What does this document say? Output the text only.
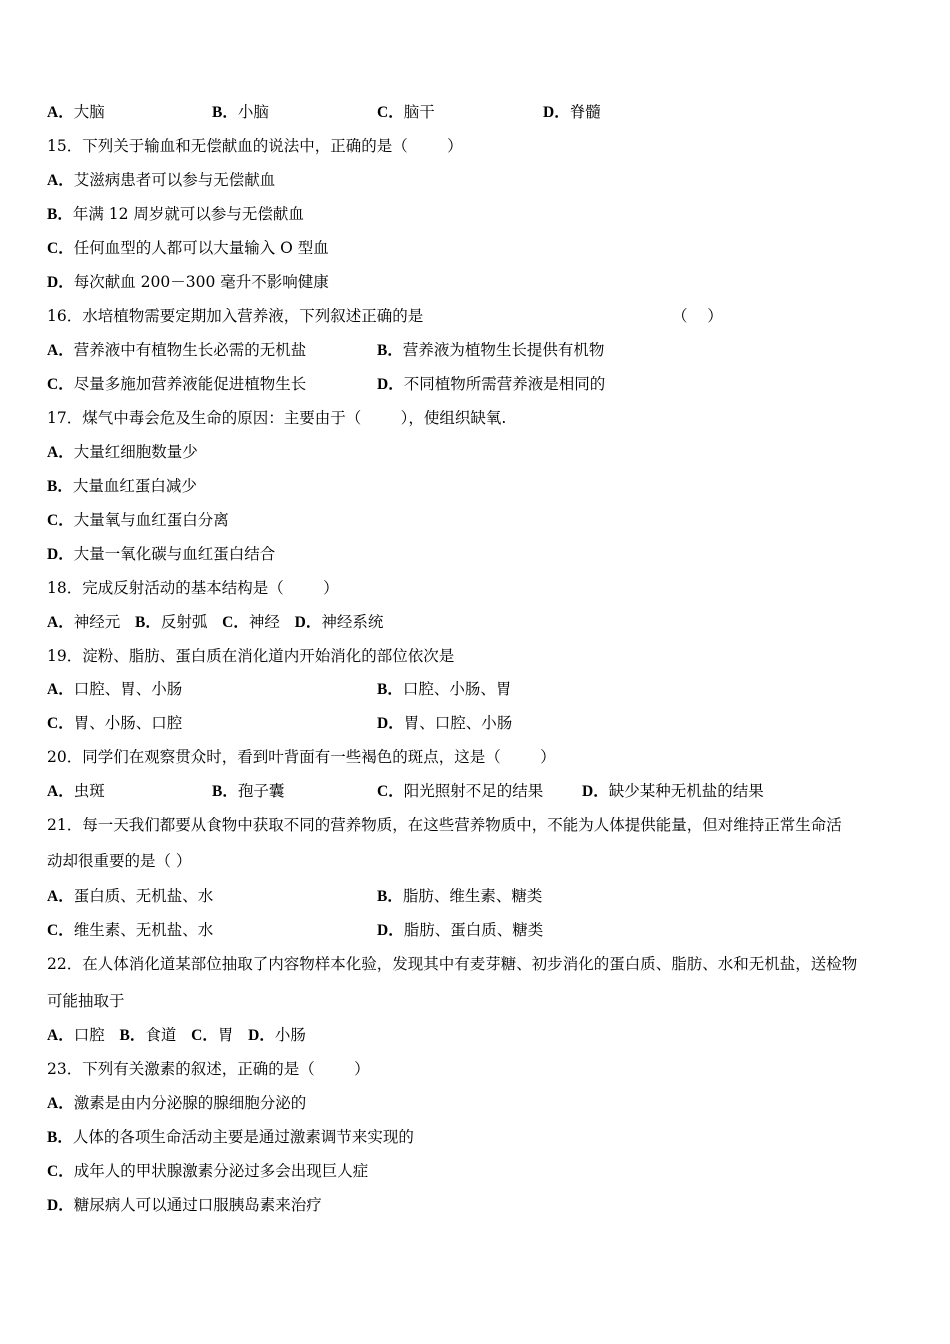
A．大脑	B．小脑	C．脑干	D．脊髓
15．下列关于输血和无偿献血的说法中，正确的是（        ）
A．艾滋病患者可以参与无偿献血
B．年满 12 周岁就可以参与无偿献血
C．任何血型的人都可以大量输入 O 型血
D．每次献血 200－300 毫升不影响健康
16．水培植物需要定期加入营养液，下列叙述正确的是	（    ）
A．营养液中有植物生长必需的无机盐	B．营养液为植物生长提供有机物
C．尽量多施加营养液能促进植物生长	D．不同植物所需营养液是相同的
17．煤气中毒会危及生命的原因：主要由于（        ），使组织缺氧.
A．大量红细胞数量少
B．大量血红蛋白减少
C．大量氧与血红蛋白分离
D．大量一氧化碳与血红蛋白结合
18．完成反射活动的基本结构是（        ）
A．神经元 B．反射弧 C．神经 D．神经系统
19．淀粉、脂肪、蛋白质在消化道内开始消化的部位依次是
A．口腔、胃、小肠	B．口腔、小肠、胃
C．胃、小肠、口腔	D．胃、口腔、小肠
20．同学们在观察贯众时，看到叶背面有一些褐色的斑点，这是（        ）
A．虫斑	B．孢子囊	C．阳光照射不足的结果	D．缺少某种无机盐的结果
21．每一天我们都要从食物中获取不同的营养物质，在这些营养物质中，不能为人体提供能量，但对维持正常生命活
动却很重要的是（ ）
A．蛋白质、无机盐、水	B．脂肪、维生素、糖类
C．维生素、无机盐、水	D．脂肪、蛋白质、糖类
22．在人体消化道某部位抽取了内容物样本化验，发现其中有麦芽糖、初步消化的蛋白质、脂肪、水和无机盐，送检物
可能抽取于
A．口腔 B．食道 C．胃 D．小肠
23．下列有关激素的叙述，正确的是（        ）
A．激素是由内分泌腺的腺细胞分泌的
B．人体的各项生命活动主要是通过激素调节来实现的
C．成年人的甲状腺激素分泌过多会出现巨人症
D．糖尿病人可以通过口服胰岛素来治疗
